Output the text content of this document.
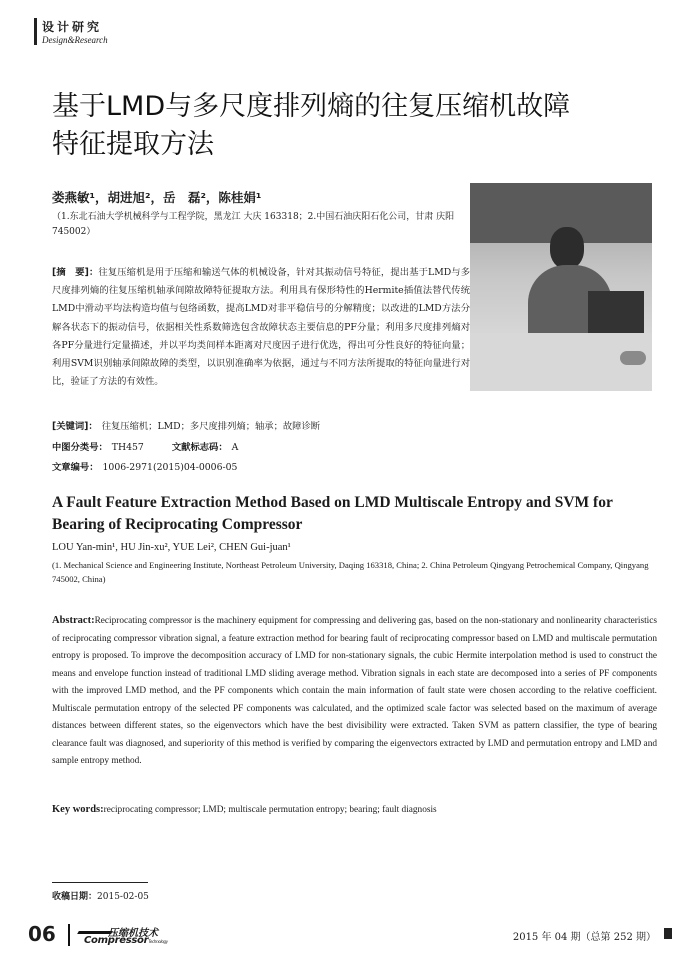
设计研究
Design&Research
基于LMD与多尺度排列熵的往复压缩机故障
特征提取方法
娄燕敏¹，胡进旭²，岳　磊²，陈桂娟¹
（1.东北石油大学机械科学与工程学院，黑龙江 大庆 163318；2.中国石油庆阳石化公司，甘肃 庆阳 745002）
[摘　要]：往复压缩机是用于压缩和输送气体的机械设备，针对其振动信号特征，提出基于LMD与多尺度排列熵的往复压缩机轴承间隙故障特征提取方法。利用具有保形特性的Hermite插值法替代传统LMD中滑动平均法构造均值与包络函数，提高LMD对非平稳信号的分解精度；以改进的LMD方法分解各状态下的振动信号，依据相关性系数筛选包含故障状态主要信息的PF分量；利用多尺度排列熵对各PF分量进行定量描述，并以平均类间样本距离对尺度因子进行优选，得出可分性良好的特征向量；利用SVM识别轴承间隙故障的类型，以识别准确率为依据，通过与不同方法所提取的特征向量进行对比，验证了方法的有效性。
[关键词]： 往复压缩机；LMD；多尺度排列熵；轴承；故障诊断
中图分类号： TH457	文献标志码： A
文章编号： 1006-2971(2015)04-0006-05
A Fault Feature Extraction Method Based on LMD Multiscale Entropy and SVM for Bearing of Reciprocating Compressor
LOU Yan-min¹, HU Jin-xu², YUE Lei², CHEN Gui-juan¹
(1. Mechanical Science and Engineering Institute, Northeast Petroleum University, Daqing 163318, China; 2. China Petroleum Qingyang Petrochemical Company, Qingyang 745002, China)
Abstract:Reciprocating compressor is the machinery equipment for compressing and delivering gas, based on the non-stationary and nonlinearity characteristics of reciprocating compressor vibration signal, a feature extraction method for bearing fault of reciprocating compressor based on LMD and multiscale permutation entropy is proposed. To improve the decomposition accuracy of LMD for non-stationary signals, the cubic Hermite interpolation method is used to construct the means and envelope function instead of traditional LMD sliding average method. Vibration signals in each state are decomposed into a series of PF components with the improved LMD method, and the PF components which contain the main information of fault state were chosen according to the relative coefficient. Multiscale permutation entropy of the selected PF components was calculated, and the optimized scale factor was selected based on the maximum of average distances between different states, so the eigenvectors which have the best divisibility were extracted. Taken SVM as pattern classifier, the type of bearing clearance fault was diagnosed, and superiority of this method is verified by comparing the eigenvectors extracted by LMD and permutation entropy and LMD and sample entropy method.
Key words:reciprocating compressor; LMD; multiscale permutation entropy; bearing; fault diagnosis
收稿日期：2015-02-05
06	压缩机技术
CompressorTechnology	2015 年 04 期（总第 252 期）
